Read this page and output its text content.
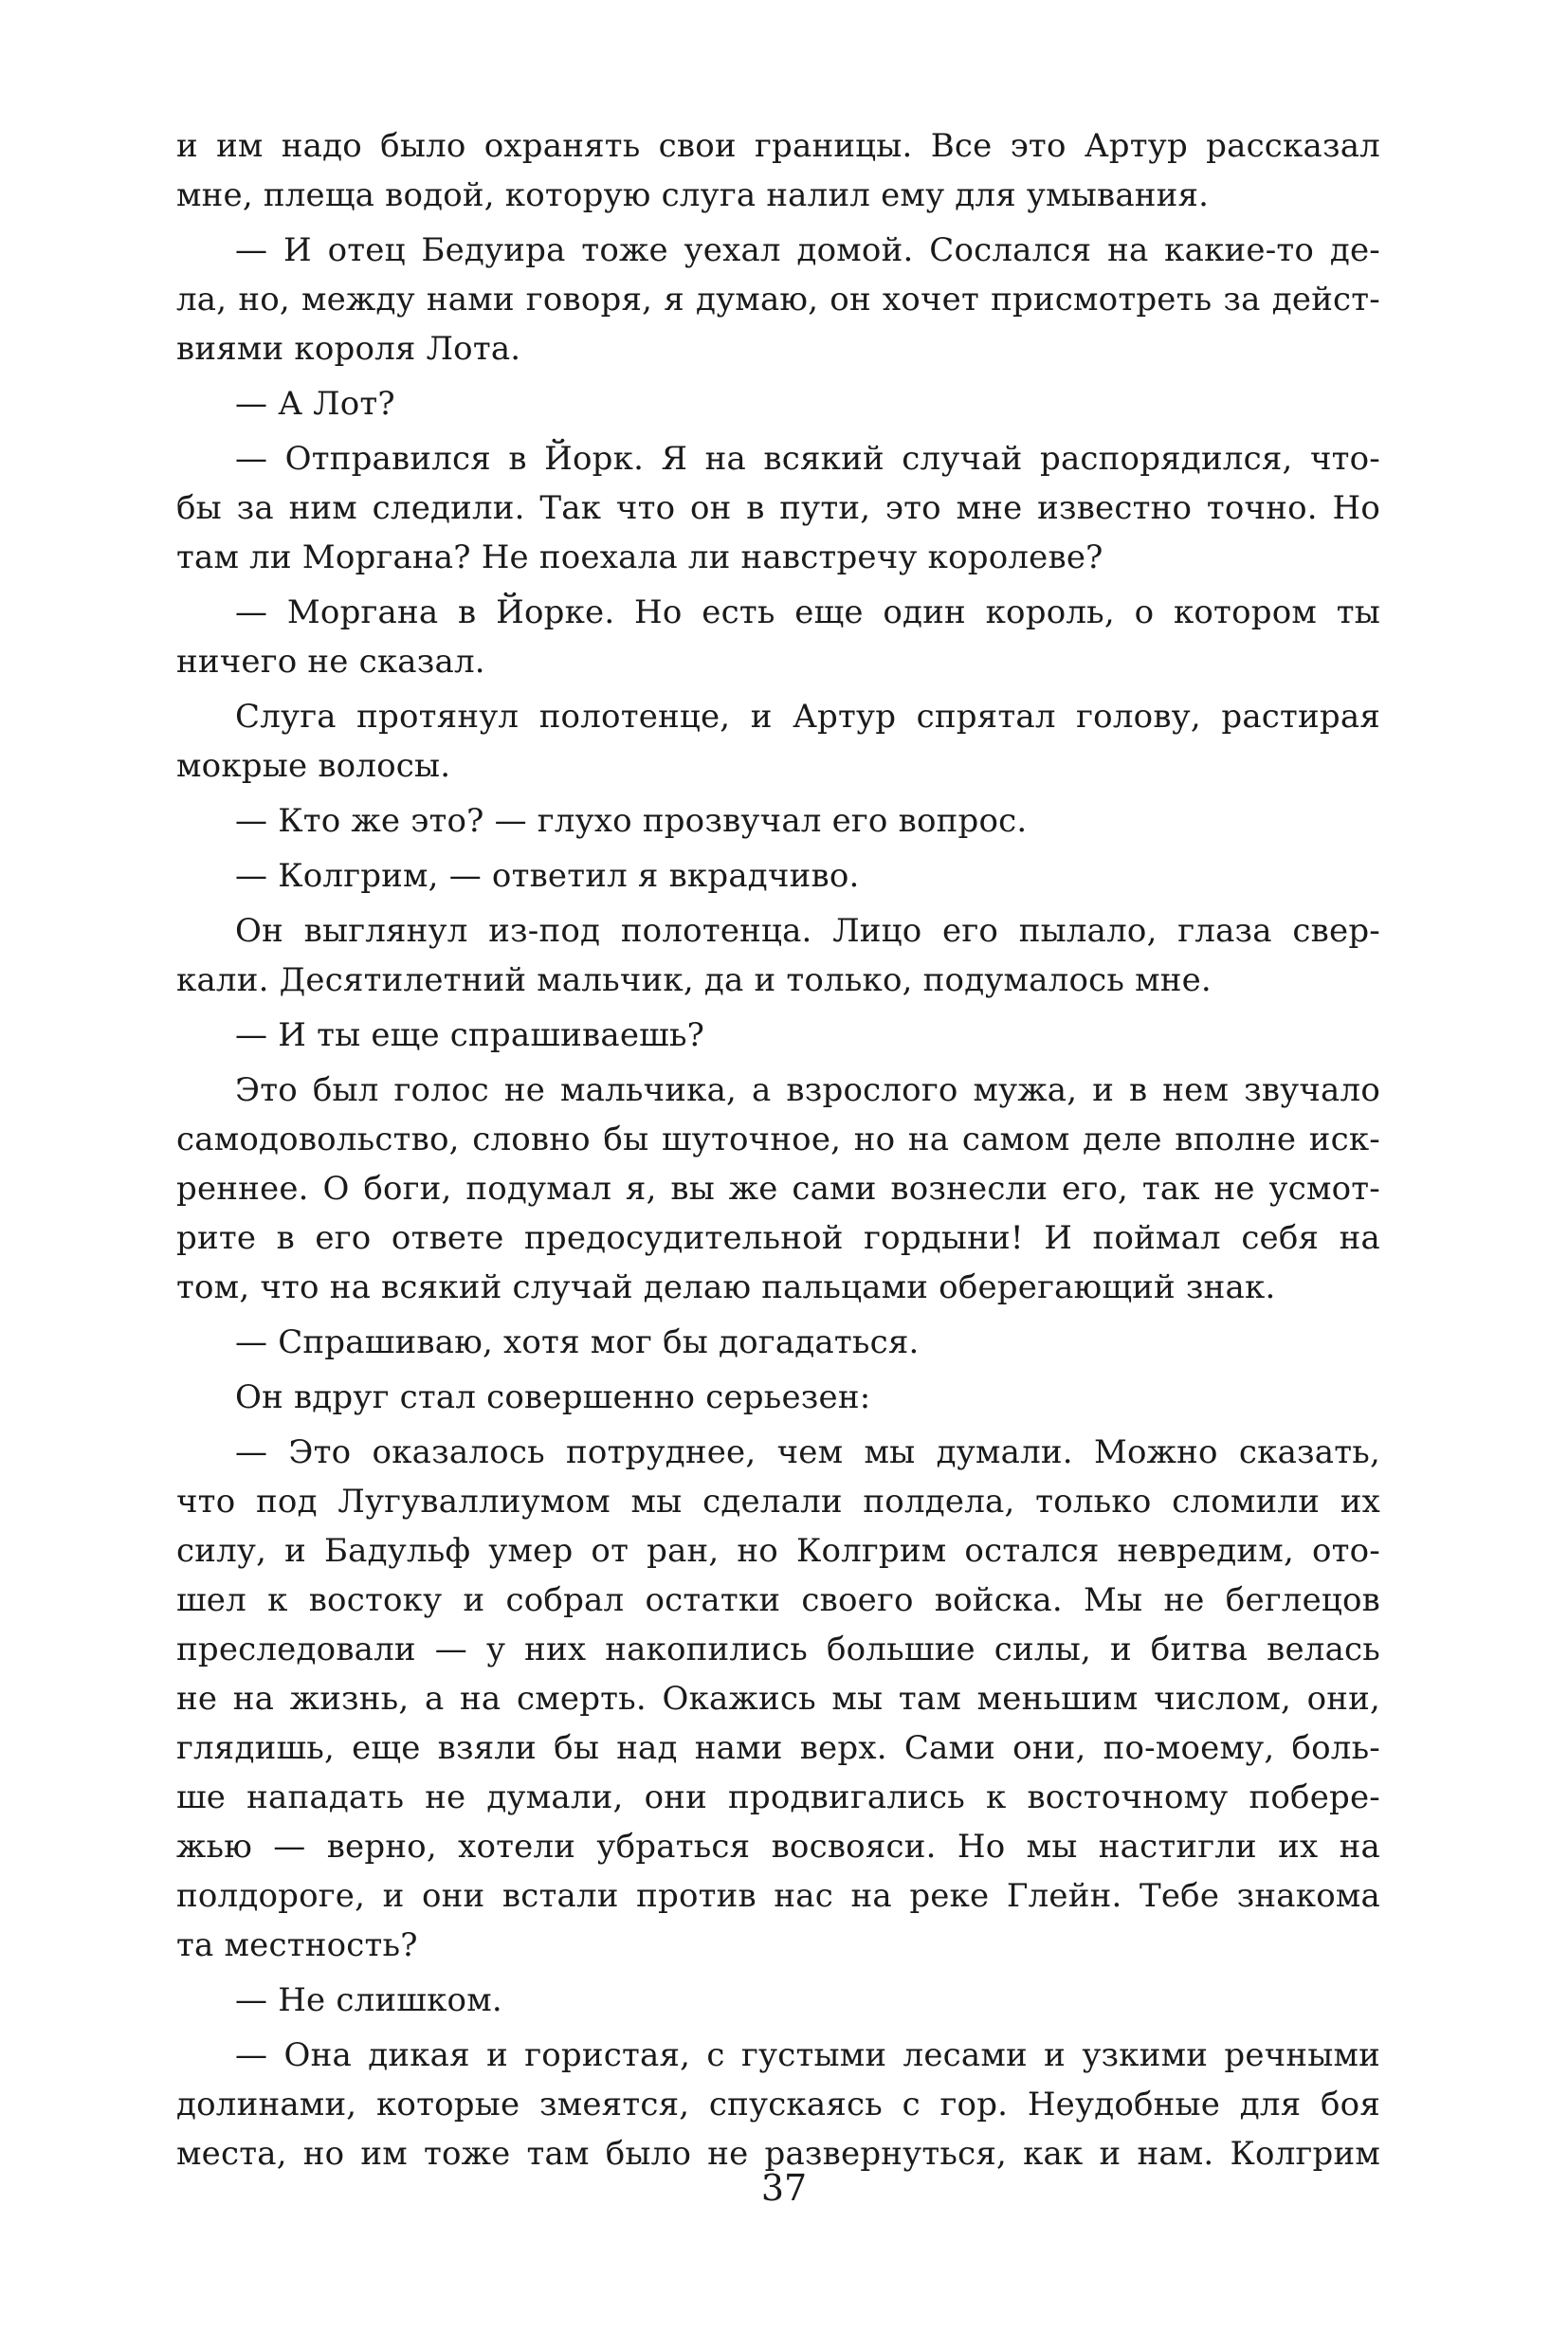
и им надо было охранять свои границы. Все это Артур рассказал
мне, плеща водой, которую слуга налил ему для умывания.
— И отец Бедуира тоже уехал домой. Сослался на какие-то де-
ла, но, между нами говоря, я думаю, он хочет присмотреть за дейст-
виями короля Лота.
— А Лот?
— Отправился в Йорк. Я на всякий случай распорядился, что-
бы за ним следили. Так что он в пути, это мне известно точно. Но
там ли Моргана? Не поехала ли навстречу королеве?
— Моргана в Йорке. Но есть еще один король, о котором ты
ничего не сказал.
Слуга протянул полотенце, и Артур спрятал голову, растирая
мокрые волосы.
— Кто же это? — глухо прозвучал его вопрос.
— Колгрим, — ответил я вкрадчиво.
Он выглянул из-под полотенца. Лицо его пылало, глаза свер-
кали. Десятилетний мальчик, да и только, подумалось мне.
— И ты еще спрашиваешь?
Это был голос не мальчика, а взрослого мужа, и в нем звучало
самодовольство, словно бы шуточное, но на самом деле вполне иск-
реннее. О боги, подумал я, вы же сами вознесли его, так не усмот-
рите в его ответе предосудительной гордыни! И поймал себя на
том, что на всякий случай делаю пальцами оберегающий знак.
— Спрашиваю, хотя мог бы догадаться.
Он вдруг стал совершенно серьезен:
— Это оказалось потруднее, чем мы думали. Можно сказать,
что под Лугуваллиумом мы сделали полдела, только сломили их
силу, и Бадульф умер от ран, но Колгрим остался невредим, ото-
шел к востоку и собрал остатки своего войска. Мы не беглецов
преследовали — у них накопились большие силы, и битва велась
не на жизнь, а на смерть. Окажись мы там меньшим числом, они,
глядишь, еще взяли бы над нами верх. Сами они, по-моему, боль-
ше нападать не думали, они продвигались к восточному побере-
жью — верно, хотели убраться восвояси. Но мы настигли их на
полдороге, и они встали против нас на реке Глейн. Тебе знакома
та местность?
— Не слишком.
— Она дикая и гористая, с густыми лесами и узкими речными
долинами, которые змеятся, спускаясь с гор. Неудобные для боя
места, но им тоже там было не развернуться, как и нам. Колгрим
37
